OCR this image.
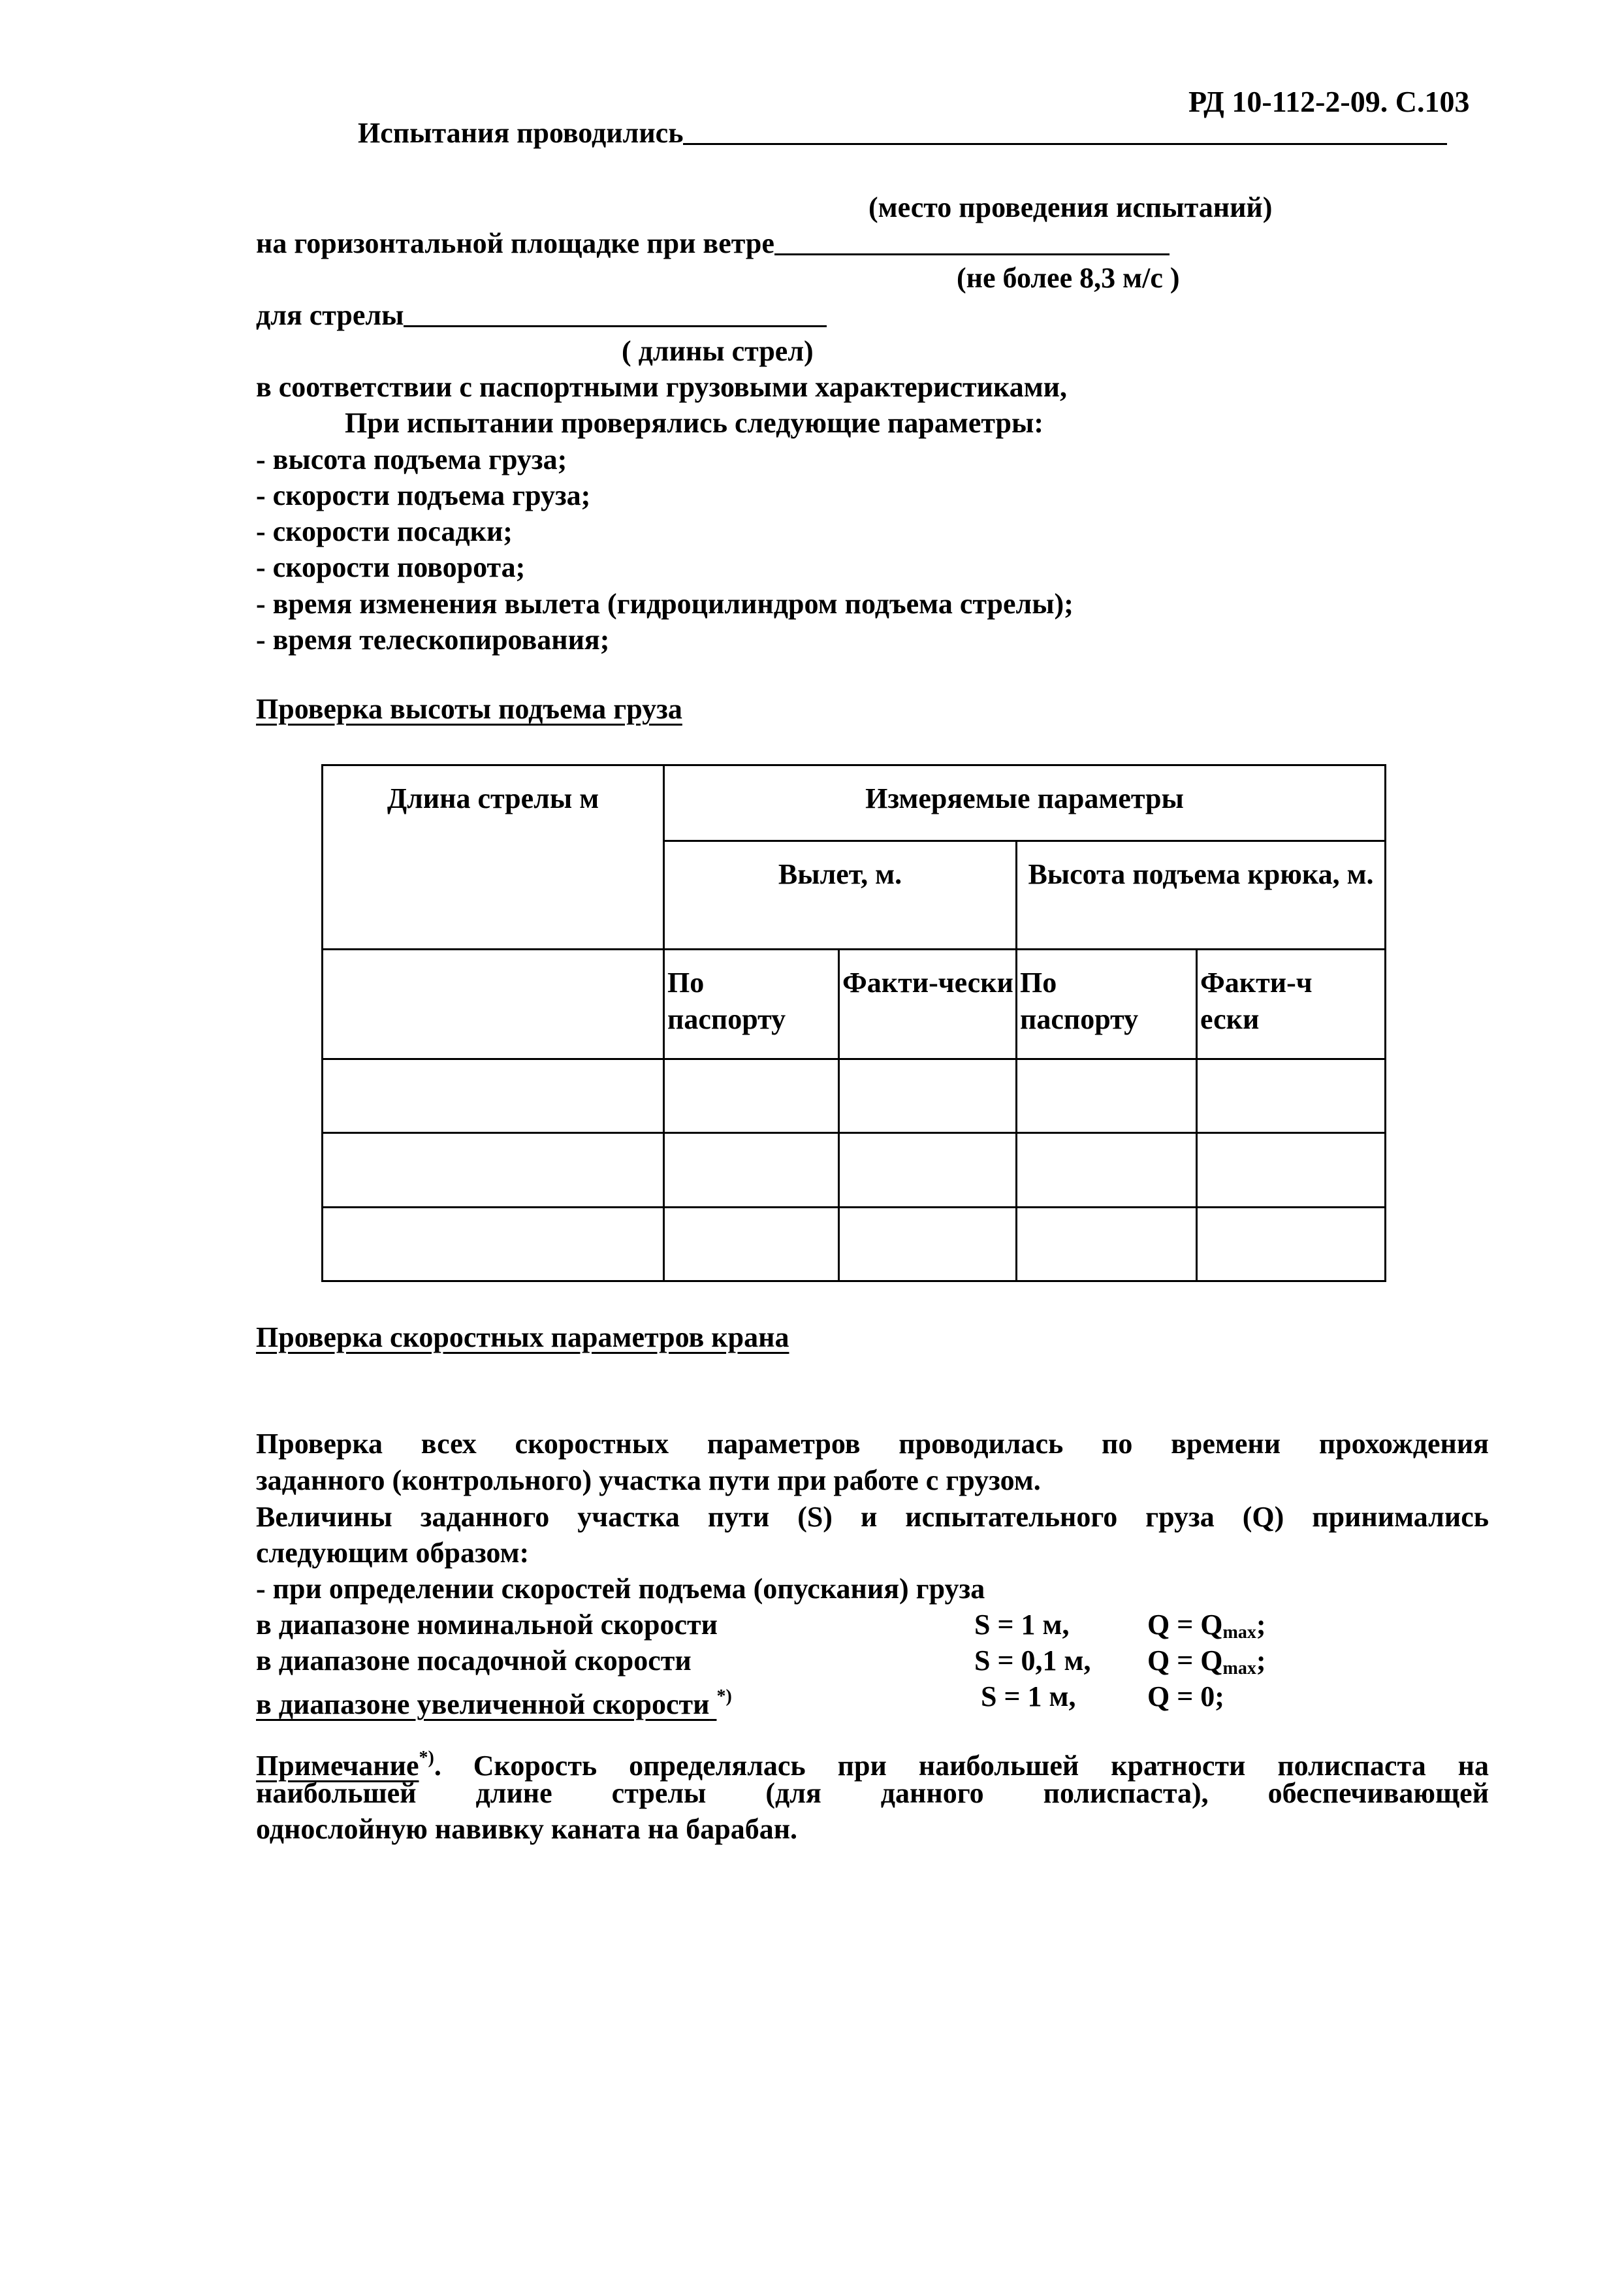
РД 10-112-2-09. С.103
Испытания проводились
(место проведения испытаний)
на горизонтальной площадке при ветре
(не более 8,3 м/с )
для стрелы
( длины стрел)
в соответствии с паспортными грузовыми характеристиками,
При испытании проверялись следующие параметры:
- высота подъема груза;
- скорости подъема груза;
- скорости посадки;
- скорости поворота;
- время изменения вылета (гидроцилиндром подъема стрелы);
- время телескопирования;
Проверка высоты подъема груза
Длина стрелы м	Измеряемые параметры			
	Вылет, м.		Высота подъема крюка, м.	
	По паспорту	Факти-чески	По паспорту	Факти-чески

Проверка скоростных параметров крана
Проверка всех скоростных параметров проводилась по времени прохождения
заданного (контрольного) участка пути при работе с грузом.
Величины заданного участка пути (S) и испытательного груза (Q) принимались
следующим образом:
- при определении скоростей подъема (опускания) груза
в диапазоне номинальной скорости	S = 1 м,	$Q = Q_{max}$;
в диапазоне посадочной скорости	S = 0,1 м, $Q = Q_{max}$;
в диапазоне увеличенной скорости *)	S = 1 м, Q = 0;
Примечание*). Скорость определялась при наибольшей кратности полиспаста на
наибольшей длине стрелы (для данного полиспаста), обеспечивающей
однослойную навивку каната на барабан.
